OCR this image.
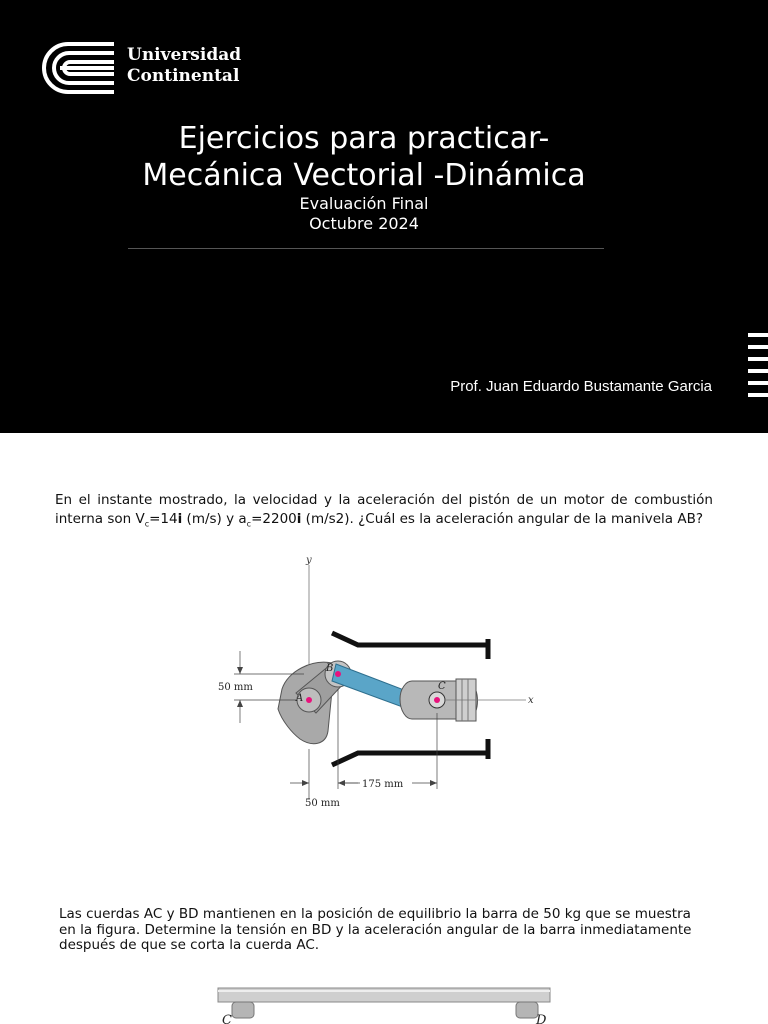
Universidad
Continental
Ejercicios para practicar-
Mecánica Vectorial -Dinámica
Evaluación Final
Octubre 2024
Prof. Juan Eduardo Bustamante Garcia
En el instante mostrado, la velocidad y la aceleración del pistón de un motor de combustión interna son $V_c=14i$ (m/s) y $a_c=2200i$ (m/s2). ¿Cuál es la aceleración angular de la manivela AB?
y
A
B
C
x
50 mm
175 mm
50 mm
Las cuerdas AC y BD mantienen en la posición de equilibrio la barra de 50 kg que se muestra en la figura. Determine la tensión en BD y la aceleración angular de la barra inmediatamente después de que se corta la cuerda AC.
C	D
